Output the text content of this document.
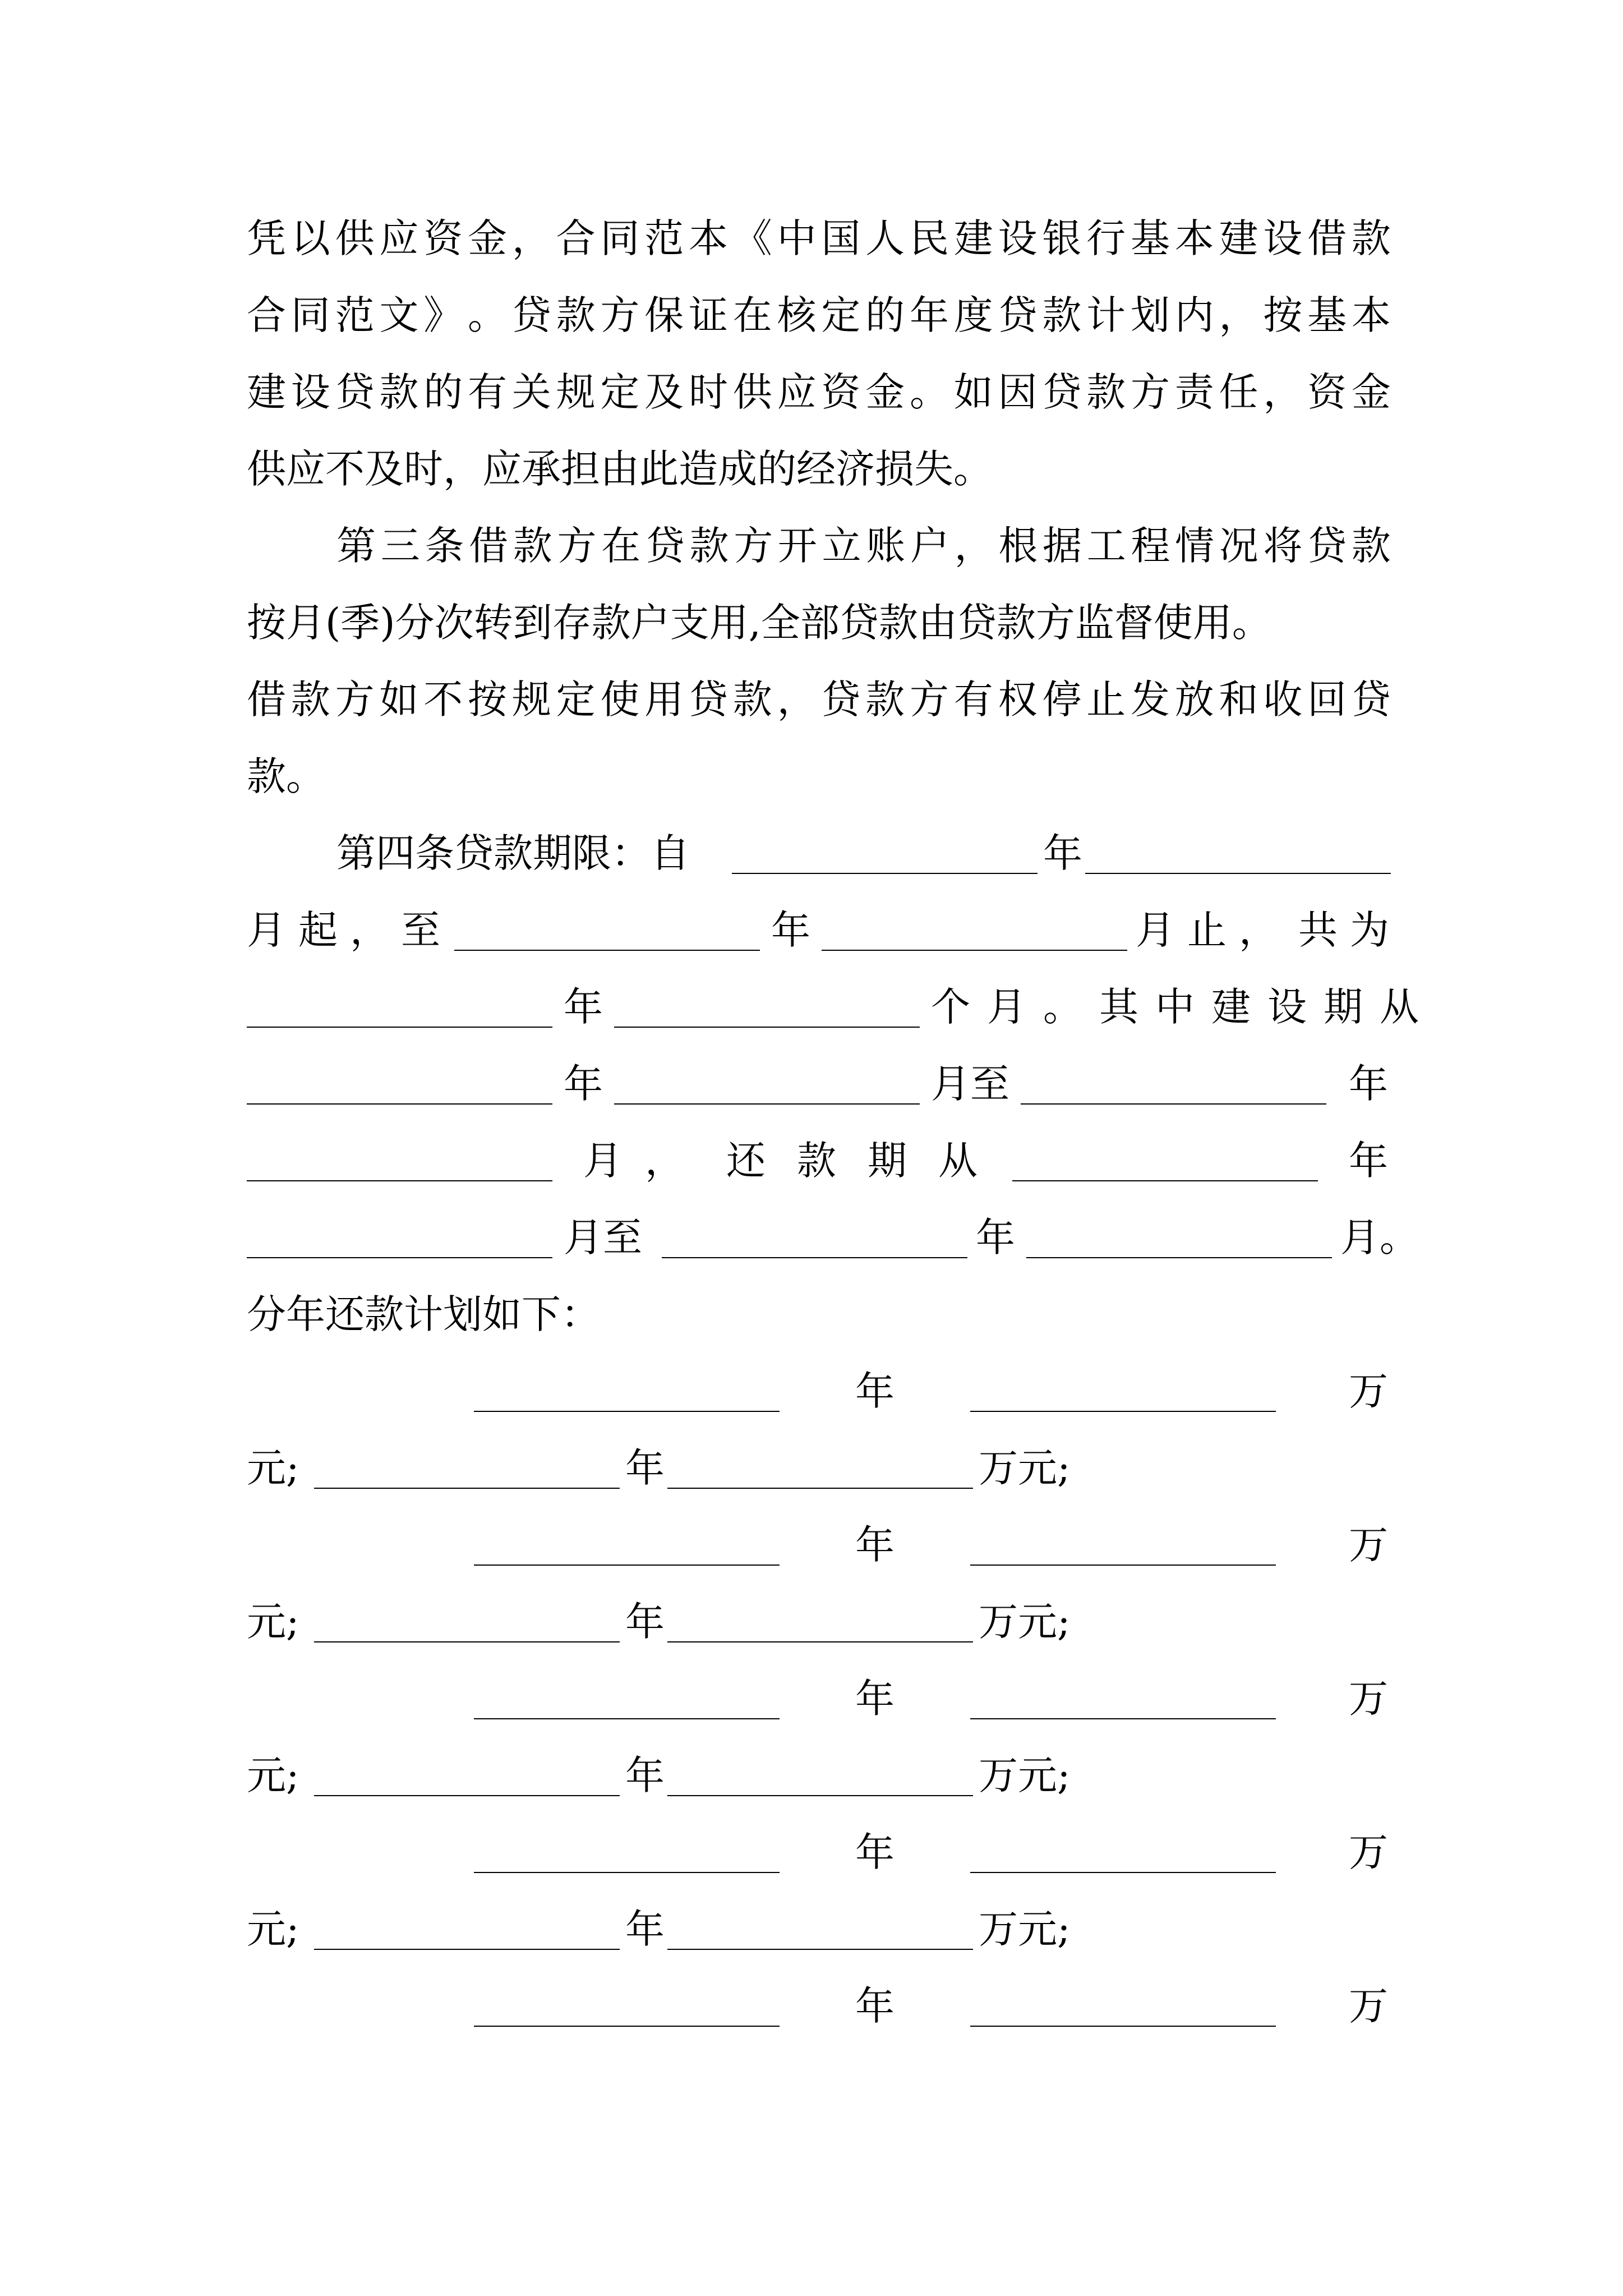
凭 以 供 应 资 金 ， 合 同 范 本 《 中 国 人 民 建 设 银 行 基 本 建 设 借 款
合 同 范 文 》 。 贷 款 方 保 证 在 核 定 的 年 度 贷 款 计 划 内 ， 按 基 本
建 设 贷 款 的 有 关 规 定 及 时 供 应 资 金 。 如 因 贷 款 方 责 任 ， 资 金
供应不及时，应承担由此造成的经济损失。
第 三 条 借 款 方 在 贷 款 方 开 立 账 户 ， 根 据 工 程 情 况 将 贷 款
按月(季)分次转到存款户支用,全部贷款由贷款方监督使用。
借 款 方 如 不 按 规 定 使 用 贷 款 ， 贷 款 方 有 权 停 止 发 放 和 收 回 贷
款。
第四条贷款期限：自	年
月起， 至	年	月止， 共为
年	个月。其中建设期从
年	月至	年
月 ， 还款期从	年
月至	年	月。
分年还款计划如下：
年	万
元;	年	万元;
年	万
元;	年	万元;
年	万
元;	年	万元;
年	万
元;	年	万元;
年	万
